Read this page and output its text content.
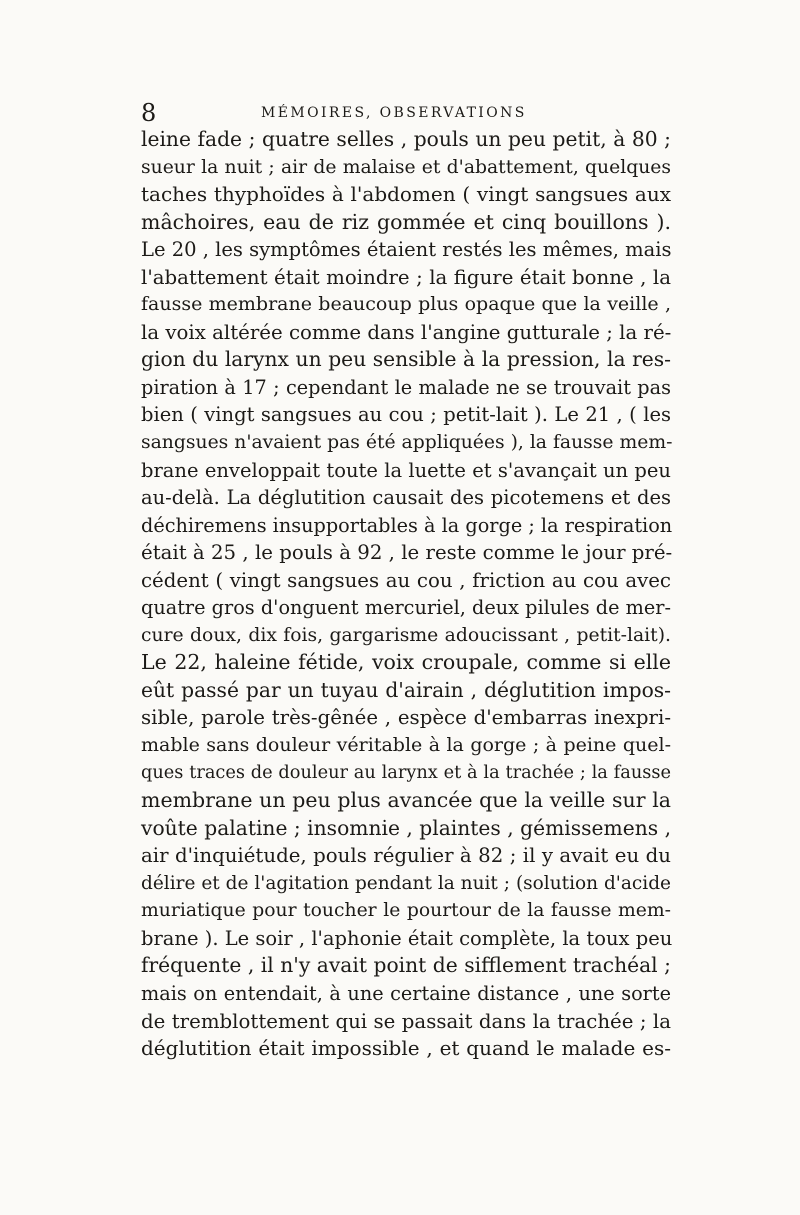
8	MÉMOIRES, OBSERVATIONS
leine fade ; quatre selles , pouls un peu petit, à 80 ;
sueur la nuit ; air de malaise et d'abattement, quelques
taches thyphoïdes à l'abdomen ( vingt sangsues aux
mâchoires, eau de riz gommée et cinq bouillons ).
Le 20 , les symptômes étaient restés les mêmes, mais
l'abattement était moindre ; la figure était bonne , la
fausse membrane beaucoup plus opaque que la veille ,
la voix altérée comme dans l'angine gutturale ; la ré-
gion du larynx un peu sensible à la pression, la res-
piration à 17 ; cependant le malade ne se trouvait pas
bien ( vingt sangsues au cou ; petit-lait ). Le 21 , ( les
sangsues n'avaient pas été appliquées ), la fausse mem-
brane enveloppait toute la luette et s'avançait un peu
au-delà. La déglutition causait des picotemens et des
déchiremens insupportables à la gorge ; la respiration
était à 25 , le pouls à 92 , le reste comme le jour pré-
cédent ( vingt sangsues au cou , friction au cou avec
quatre gros d'onguent mercuriel, deux pilules de mer-
cure doux, dix fois, gargarisme adoucissant , petit-lait).
Le 22, haleine fétide, voix croupale, comme si elle
eût passé par un tuyau d'airain , déglutition impos-
sible, parole très-gênée , espèce d'embarras inexpri-
mable sans douleur véritable à la gorge ; à peine quel-
ques traces de douleur au larynx et à la trachée ; la fausse
membrane un peu plus avancée que la veille sur la
voûte palatine ; insomnie , plaintes , gémissemens ,
air d'inquiétude, pouls régulier à 82 ; il y avait eu du
délire et de l'agitation pendant la nuit ; (solution d'acide
muriatique pour toucher le pourtour de la fausse mem-
brane ). Le soir , l'aphonie était complète, la toux peu
fréquente , il n'y avait point de sifflement trachéal ;
mais on entendait, à une certaine distance , une sorte
de tremblottement qui se passait dans la trachée ; la
déglutition était impossible , et quand le malade es-
